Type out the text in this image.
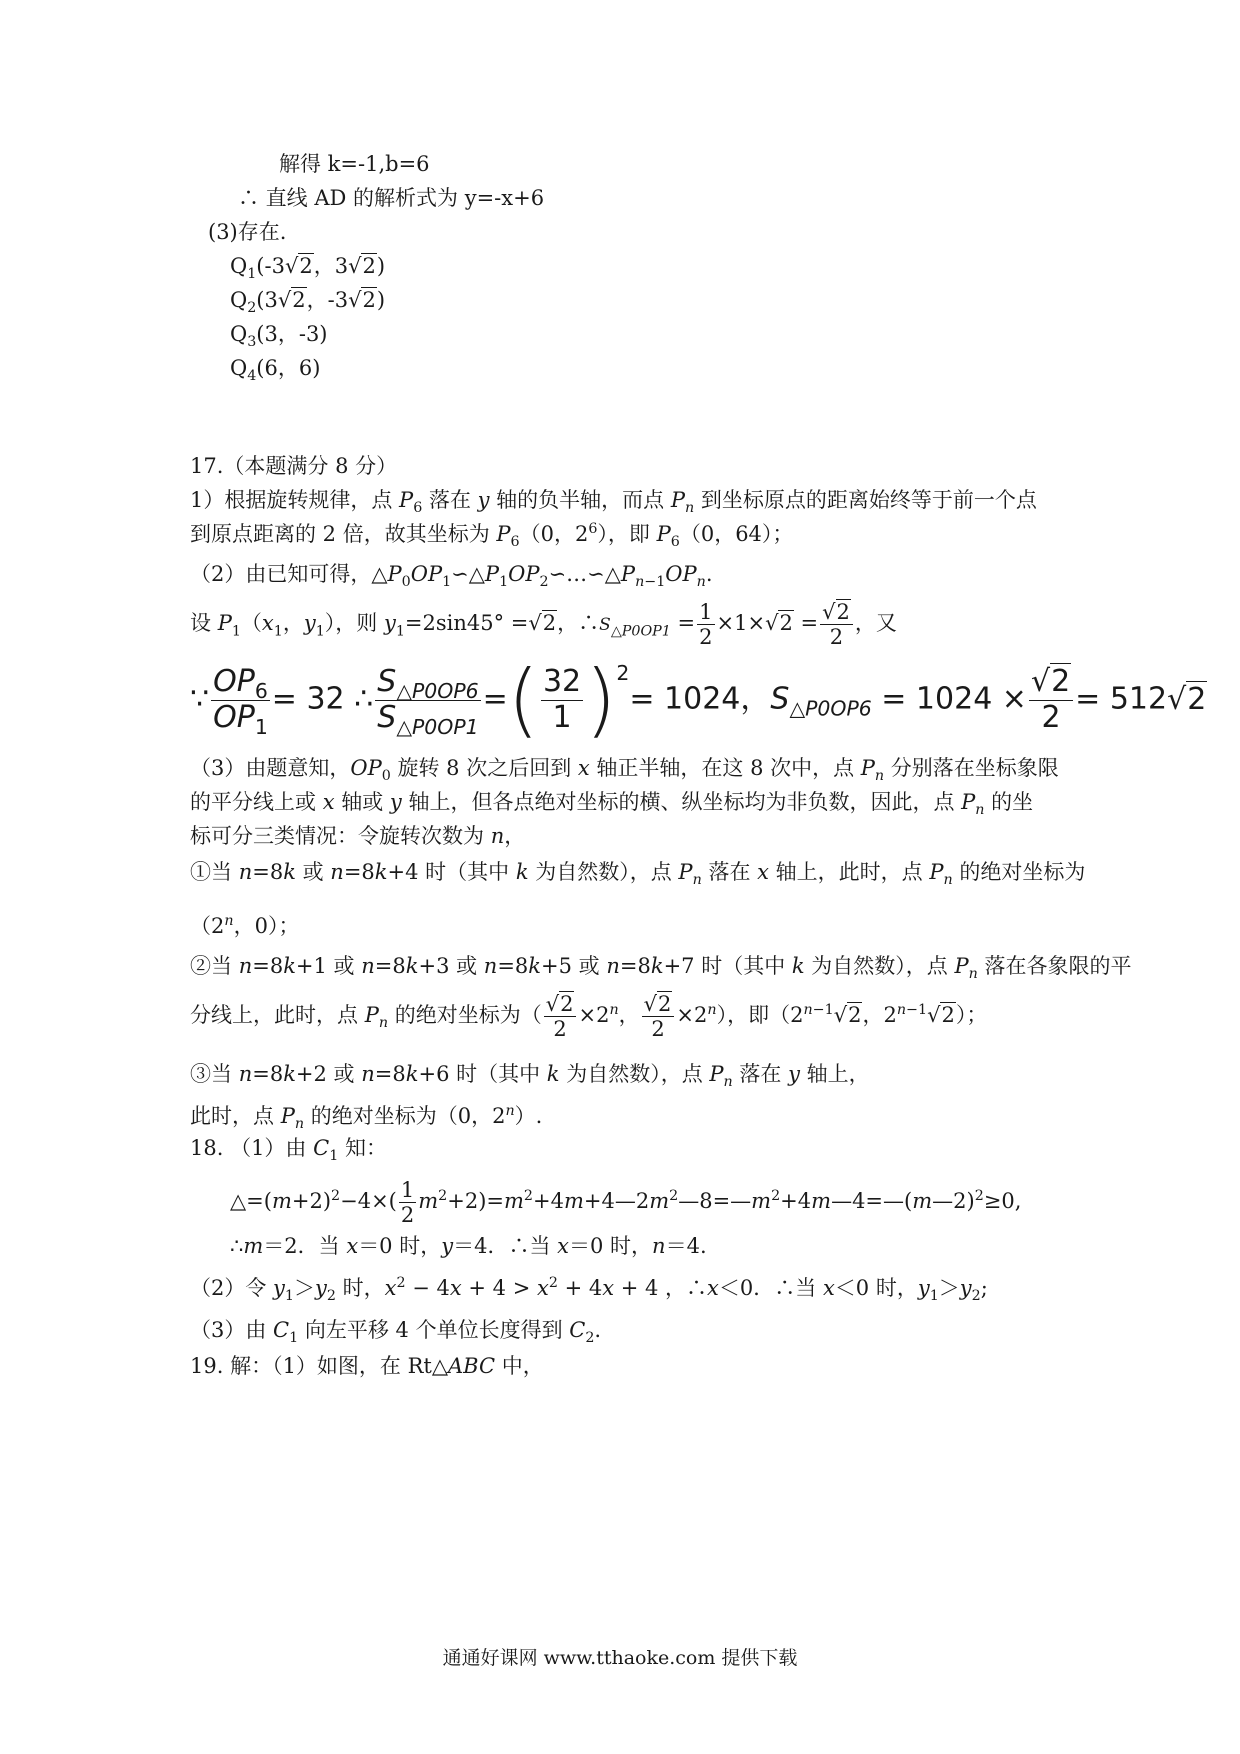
解得 k=-1,b=6
∴ 直线 AD 的解析式为 y=-x+6
(3)存在.
$Q_1(-3√2$，3√2)
$Q_2(3√2$，-3√2)
$Q_3(3$，-3)
$Q_4(6$，6)
17.（本题满分 8 分）
1）根据旋转规律，点 $P_6$ 落在 y 轴的负半轴，而点 $P_n$ 到坐标原点的距离始终等于前一个点
到原点距离的 2 倍，故其坐标为 $P_6(0$，$2^6$），即 $P_6(0$，64）；
（2）由已知可得，$\triangle P_0OP_1∽\triangle P_1OP_2∽\dots∽\triangle P_{n-1}OP_n$.
设 $P_1(x_1$，$y_1$），则 $y_1=2\sin 45^\circ =√2$，$\therefore S_{\triangle P0OP1} = \frac{1}{2} \times 1\times√2 = \frac{√2}{2}$ ，又
∵ $\frac{OP_6}{OP_1} = 32$ ∴ $\frac{S_{\triangle P0OP6}}{S_{\triangle P0OP1}}$ =( $\frac{32}{1} )^2= 1024$，$S_{\triangle P0OP6} = 1024 \times \frac{√2}{2} = 512√2$
（3）由题意知，$OP_0$ 旋转 8 次之后回到 x 轴正半轴，在这 8 次中，点 $P_n$ 分别落在坐标象限
的平分线上或 x 轴或 y 轴上，但各点绝对坐标的横、纵坐标均为非负数，因此，点 $P_n$ 的坐
标可分三类情况：令旋转次数为 n，
①当 n=8k 或 n=8k+4 时（其中 k 为自然数），点 $P_n$ 落在 x 轴上，此时，点 $P_n$ 的绝对坐标为
（2$^n$，0）；
②当 n=8k+1 或 n=8k+3 或 n=8k+5 或 n=8k+7 时（其中 k 为自然数），点 $P_n$ 落在各象限的平
分线上，此时，点 $P_n$ 的绝对坐标为（ $\frac{√2}{2} \times 2^n$， $\frac{√2}{2} \times 2^n$），即（$2^{n-1}√2$，$2^{n-1}√2$）；
③当 n=8k+2 或 n=8k+6 时（其中 k 为自然数），点 $P_n$ 落在 y 轴上，
此时，点 $P_n$ 的绝对坐标为（0，2$^n$）.
18. （1）由 $C_1$ 知：
$\triangle=(m+2)^2-4\times( \frac{1}{2}$ $m^2+2)=m^2+4m+4—2m^2—8=—m^2+4m—4=—(m—2)^2\ge 0$,
∴m＝2．当 x＝0 时，y＝4．∴当 x＝0 时，n＝4.
（2）令 $y_1>y_2$ 时，$x^2 - 4x + 4 > x^2 + 4x + 4$ ，∴x＜0．∴当 x＜0 时，$y_1>y_2$;
（3）由 $C_1$ 向左平移 4 个单位长度得到 $C_2$.
19. 解：（1）如图，在 Rt△ABC 中，
通通好课网 www.tthaoke.com 提供下载
